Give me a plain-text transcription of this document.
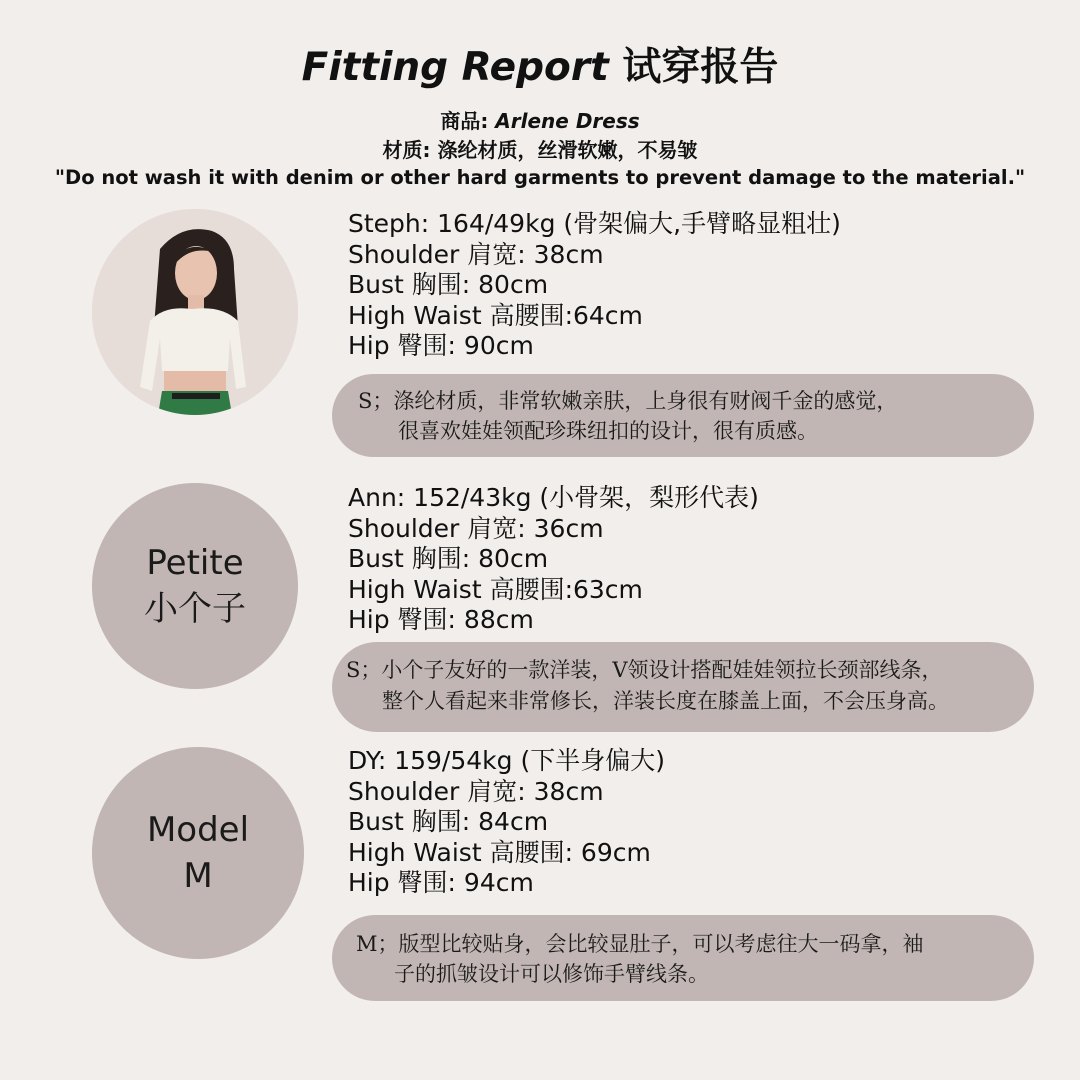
Fitting Report 试穿报告
商品: Arlene Dress
材质: 涤纶材质，丝滑软嫩，不易皱
"Do not wash it with denim or other hard garments to prevent damage to the material."
Steph: 164/49kg (骨架偏大,手臂略显粗壮)
Shoulder 肩宽: 38cm
Bust 胸围: 80cm
High Waist 高腰围:64cm
Hip 臀围: 90cm
S；涤纶材质，非常软嫩亲肤，上身很有财阀千金的感觉，
很喜欢娃娃领配珍珠纽扣的设计，很有质感。
Petite
小个子
Ann: 152/43kg (小骨架，梨形代表)
Shoulder 肩宽: 36cm
Bust 胸围: 80cm
High Waist 高腰围:63cm
Hip 臀围: 88cm
S；小个子友好的一款洋装，V领设计搭配娃娃领拉长颈部线条，
整个人看起来非常修长，洋装长度在膝盖上面，不会压身高。
Model
M
DY: 159/54kg (下半身偏大)
Shoulder 肩宽: 38cm
Bust 胸围: 84cm
High Waist 高腰围: 69cm
Hip 臀围: 94cm
M；版型比较贴身，会比较显肚子，可以考虑往大一码拿，袖
子的抓皱设计可以修饰手臂线条。
